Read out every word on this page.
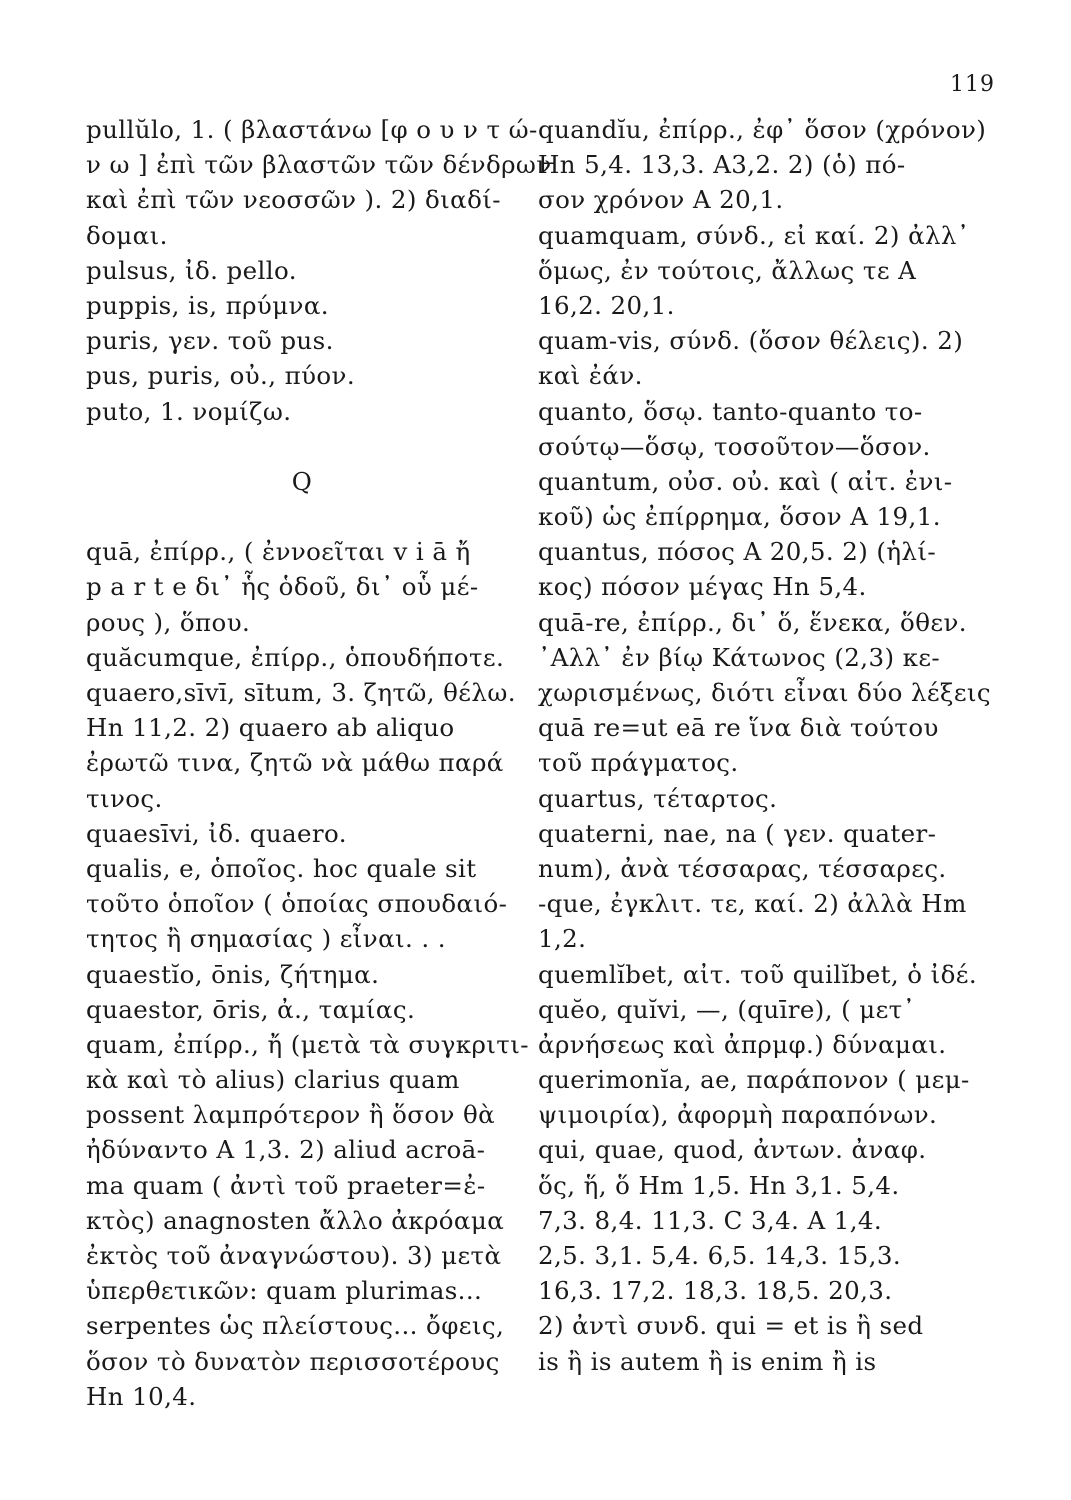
119
pullŭlo, 1. ( βλαστάνω [φ ο υ ν τ ώ-
ν ω ] ἐπὶ τῶν βλαστῶν τῶν δένδρων
καὶ ἐπὶ τῶν νεοσσῶν ). 2) διαδί-
δομαι.
pulsus, ἰδ. pello.
puppis, is, πρύμνα.
puris, γεν. τοῦ pus.
pus, puris, οὐ., πύον.
puto, 1. νομίζω.
Q
quā, ἐπίρρ., ( ἐννοεῖται v i ā ἤ
p a r t e δι᾿ ἧς ὁδοῦ, δι᾿ οὗ μέ-
ρους ), ὅπου.
quăcumque, ἐπίρρ., ὁπουδήποτε.
quaero,sīvī, sītum, 3. ζητῶ, θέλω.
Hn 11,2. 2) quaero ab aliquo
ἐρωτῶ τινα, ζητῶ νὰ μάθω παρά
τινος.
quaesīvi, ἰδ. quaero.
qualis, e, ὁποῖος. hoc quale sit
τοῦτο ὁποῖον ( ὁποίας σπουδαιό-
τητος ἢ σημασίας ) εἶναι. . .
quaestĭo, ōnis, ζήτημα.
quaestor, ōris, ἀ., ταμίας.
quam, ἐπίρρ., ἤ (μετὰ τὰ συγκριτι-
κὰ καὶ τὸ alius) clarius quam
possent λαμπρότερον ἢ ὅσον θὰ
ἠδύναντο A 1,3. 2) aliud acroā-
ma quam ( ἀντὶ τοῦ praeter=ἐ-
κτὸς) anagnosten ἄλλο ἀκρόαμα
ἐκτὸς τοῦ ἀναγνώστου). 3) μετὰ
ὑπερθετικῶν: quam plurimas...
serpentes ὡς πλείστους... ὄφεις,
ὅσον τὸ δυνατὸν περισσοτέρους
Hn 10,4.
quandĭu, ἐπίρρ., ἐφ᾿ ὅσον (χρόνον)
Hn 5,4. 13,3. A3,2. 2) (ὁ) πό-
σον χρόνον A 20,1.
quamquam, σύνδ., εἰ καί. 2) ἀλλ᾿
ὅμως, ἐν τούτοις, ἄλλως τε A
16,2. 20,1.
quam-vis, σύνδ. (ὅσον θέλεις). 2)
καὶ ἐάν.
quanto, ὅσῳ. tanto-quanto το-
σούτῳ—ὅσῳ, τοσοῦτον—ὅσον.
quantum, οὐσ. οὐ. καὶ ( αἰτ. ἐνι-
κοῦ) ὡς ἐπίρρημα, ὅσον A 19,1.
quantus, πόσος A 20,5. 2) (ἡλί-
κος) πόσον μέγας Hn 5,4.
quā-re, ἐπίρρ., δι᾿ ὅ, ἕνεκα, ὅθεν.
᾿Αλλ᾿ ἐν βίῳ Κάτωνος (2,3) κε-
χωρισμένως, διότι εἶναι δύο λέξεις
quā re=ut eā re ἵνα διὰ τούτου
τοῦ πράγματος.
quartus, τέταρτος.
quaterni, nae, na ( γεν. quater-
num), ἀνὰ τέσσαρας, τέσσαρες.
-que, ἐγκλιτ. τε, καί. 2) ἀλλὰ Hm
1,2.
quemlĭbet, αἰτ. τοῦ quilĭbet, ὁ ἰδέ.
quĕo, quĭvi, —, (quīre), ( μετ᾿
ἀρνήσεως καὶ ἀπρμφ.) δύναμαι.
querimonĭa, ae, παράπονον ( μεμ-
ψιμοιρία), ἀφορμὴ παραπόνων.
qui, quae, quod, ἀντων. ἀναφ.
ὅς, ἥ, ὅ Hm 1,5. Hn 3,1. 5,4.
7,3. 8,4. 11,3. C 3,4. A 1,4.
2,5. 3,1. 5,4. 6,5. 14,3. 15,3.
16,3. 17,2. 18,3. 18,5. 20,3.
2) ἀντὶ συνδ. qui = et is ἢ sed
is ἢ is autem ἢ is enim ἢ is
